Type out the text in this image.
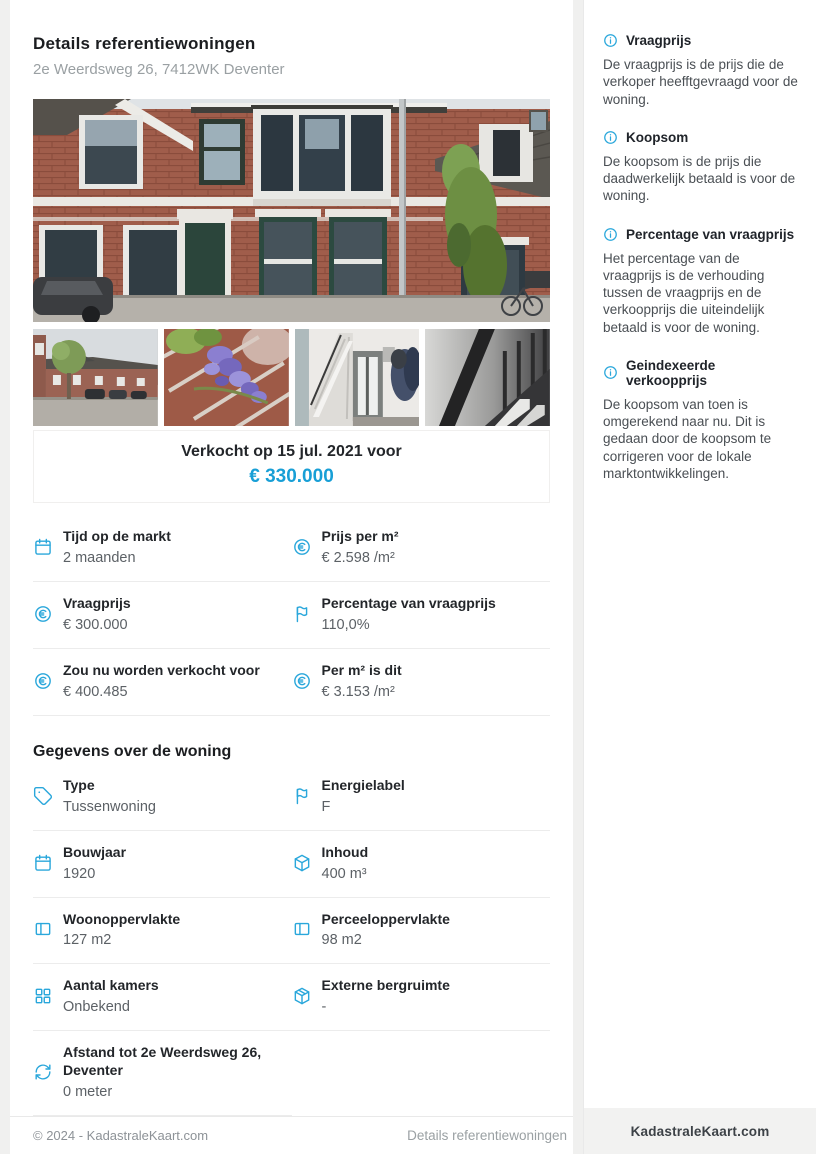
Details referentiewoningen
2e Weerdsweg 26, 7412WK Deventer
Verkocht op 15 jul. 2021 voor
€ 330.000
Tijd op de markt
2 maanden
Prijs per m²
€ 2.598 /m²
Vraagprijs
€ 300.000
Percentage van vraagprijs
110,0%
Zou nu worden verkocht voor
€ 400.485
Per m² is dit
€ 3.153 /m²
Gegevens over de woning
Type
Tussenwoning
Energielabel
F
Bouwjaar
1920
Inhoud
400 m³
Woonoppervlakte
127 m2
Perceeloppervlakte
98 m2
Aantal kamers
Onbekend
Externe bergruimte
-
Afstand tot 2e Weerdsweg 26, Deventer
0 meter
© 2024 - KadastraleKaart.com	Details referentiewoningen
Vraagprijs
De vraagprijs is de prijs die de verkoper heefftgevraagd voor de woning.
Koopsom
De koopsom is de prijs die daadwerkelijk betaald is voor de woning.
Percentage van vraagprijs
Het percentage van de vraagprijs is de verhouding tussen de vraagprijs en de verkoopprijs die uiteindelijk betaald is voor de woning.
Geindexeerde verkoopprijs
De koopsom van toen is omgerekend naar nu. Dit is gedaan door de koopsom te corrigeren voor de lokale marktontwikkelingen.
KadastraleKaart.com
